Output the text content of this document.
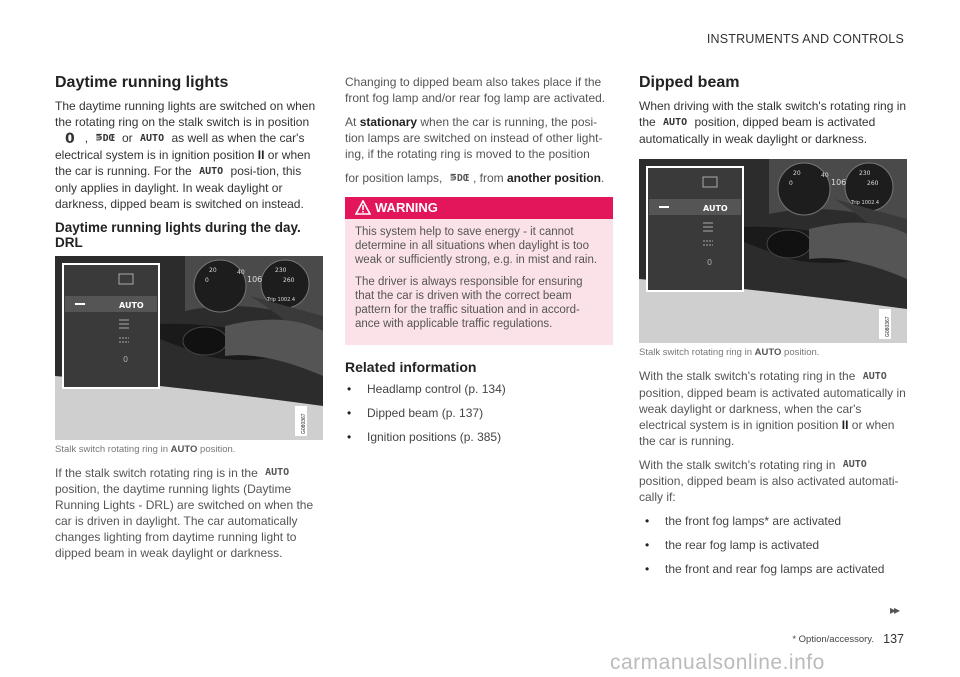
INSTRUMENTS AND CONTROLS
Daytime running lights

The daytime running lights are switched on when the rotating ring on the stalk switch is in position 0 , ⋾DŒ or AUTO as well as when the car's electrical system is in ignition position II or when the car is running. For the AUTO posi-tion, this only applies in daylight. In weak daylight or darkness, dipped beam is switched on instead.

Daytime running lights during the day. DRL
20
0
40	230
260
106
Trip 1002.4
AUTO
0
G080367
Stalk switch rotating ring in AUTO position.

If the stalk switch rotating ring is in the AUTO position, the daytime running lights (Daytime Running Lights - DRL) are switched on when the car is driven in daylight. The car automatically changes lighting from daytime running light to dipped beam in weak daylight or darkness.

Changing to dipped beam also takes place if the front fog lamp and/or rear fog lamp are activated.

At stationary when the car is running, the posi-tion lamps are switched on instead of other light-ing, if the rotating ring is moved to the position

for position lamps, ⋾DŒ , from another position.

WARNING

This system help to save energy - it cannot determine in all situations when daylight is too weak or sufficiently strong, e.g. in mist and rain.

The driver is always responsible for ensuring that the car is driven with the correct beam pattern for the traffic situation and in accord-ance with applicable traffic regulations.

Related information
• Headlamp control (p. 134)
• Dipped beam (p. 137)
• Ignition positions (p. 385)
Dipped beam

When driving with the stalk switch's rotating ring in the AUTO position, dipped beam is activated automatically in weak daylight or darkness.

20
0
40	230
260
106
Trip 1002.4
AUTO
0
G080367
Stalk switch rotating ring in AUTO position.

With the stalk switch's rotating ring in the AUTO position, dipped beam is activated automatically in weak daylight or darkness, when the car's electrical system is in ignition position II or when the car is running.

With the stalk switch's rotating ring in AUTO position, dipped beam is also activated automati-cally if:

• the front fog lamps* are activated
• the rear fog lamp is activated
• the front and rear fog lamps are activated
▸▸
* Option/accessory. 137
carmanualsonline.info
